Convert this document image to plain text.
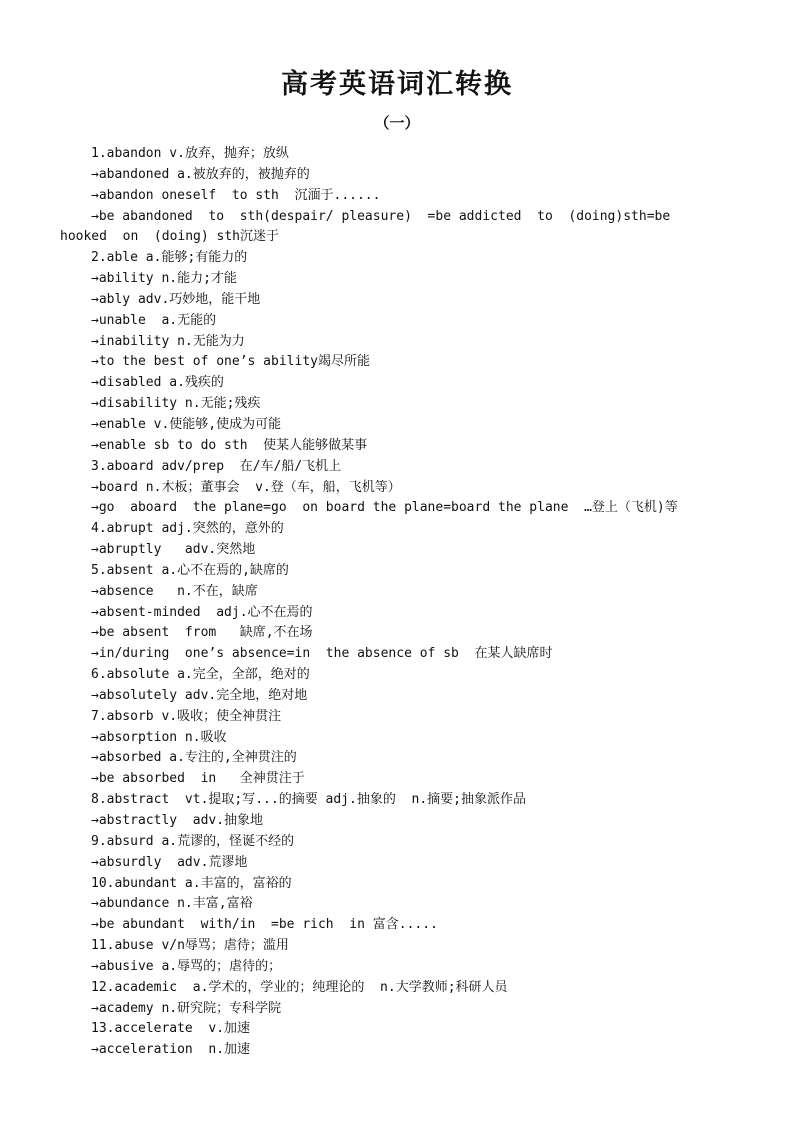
高考英语词汇转换
（一）
1.abandon v.放弃，抛弃；放纵
→abandoned a.被放弃的，被抛弃的
→abandon oneself  to sth  沉湎于......
→be abandoned  to  sth(despair/ pleasure)  =be addicted  to  (doing)sth=be
hooked  on  (doing) sth沉迷于
2.able a.能够;有能力的
→ability n.能力;才能
→ably adv.巧妙地，能干地
→unable  a.无能的
→inability n.无能为力
→to the best of one’s ability竭尽所能
→disabled a.残疾的
→disability n.无能;残疾
→enable v.使能够,使成为可能
→enable sb to do sth  使某人能够做某事
3.aboard adv/prep  在/车/船/飞机上
→board n.木板；董事会  v.登（车，船，飞机等）
→go  aboard  the plane=go  on board the plane=board the plane  …登上（飞机)等
4.abrupt adj.突然的，意外的
→abruptly   adv.突然地
5.absent a.心不在焉的,缺席的
→absence   n.不在，缺席
→absent-minded  adj.心不在焉的
→be absent  from   缺席,不在场
→in/during  one’s absence=in  the absence of sb  在某人缺席时
6.absolute a.完全，全部，绝对的
→absolutely adv.完全地，绝对地
7.absorb v.吸收；使全神贯注
→absorption n.吸收
→absorbed a.专注的,全神贯注的
→be absorbed  in   全神贯注于
8.abstract  vt.提取;写...的摘要 adj.抽象的  n.摘要;抽象派作品
→abstractly  adv.抽象地
9.absurd a.荒谬的，怪诞不经的
→absurdly  adv.荒谬地
10.abundant a.丰富的，富裕的
→abundance n.丰富,富裕
→be abundant  with/in  =be rich  in 富含.....
11.abuse v/n辱骂；虐待；滥用
→abusive a.辱骂的；虐待的；
12.academic  a.学术的，学业的；纯理论的  n.大学教师;科研人员
→academy n.研究院；专科学院
13.accelerate  v.加速
→acceleration  n.加速
